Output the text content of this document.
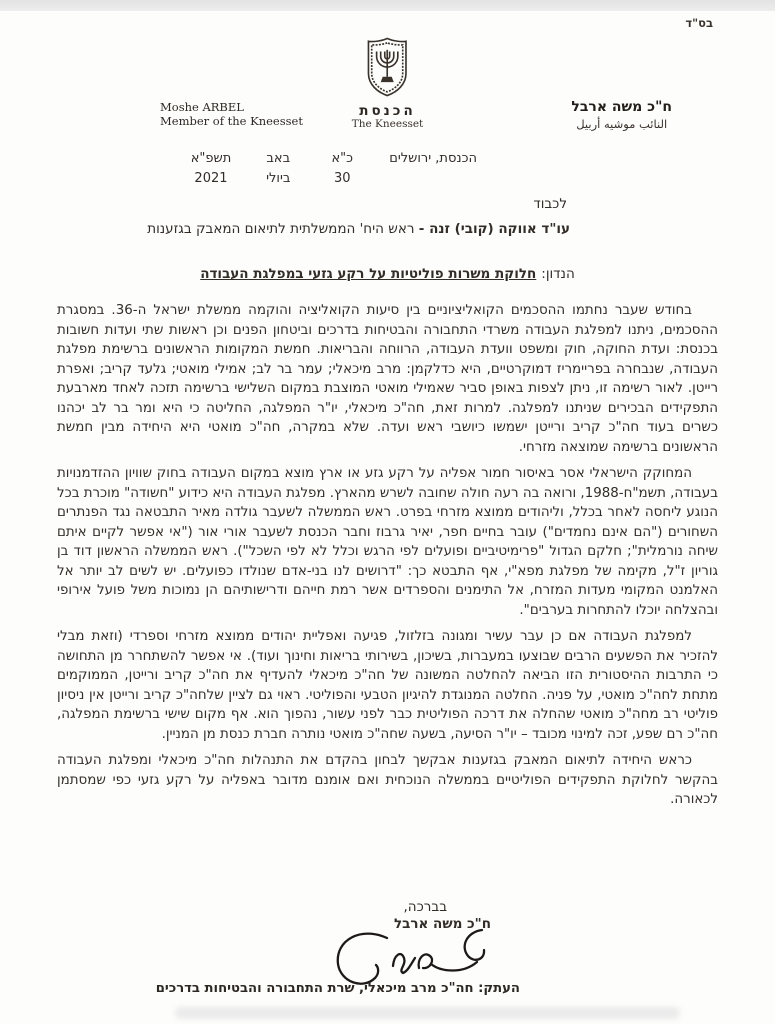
בס"ד
הכנסת
The Kneesset
ח"כ משה ארבל
النائب موشيه أربيل
Moshe ARBEL
Member of the Kneesset
הכנסת, ירושלים
כ"א
באב
תשפ"א
30
ביולי
2021
לכבוד
עו"ד אווקה (קובי) זנה - ראש היח' הממשלתית לתיאום המאבק בגזענות
הנדון:חלוקת משרות פוליטיות על רקע גזעי במפלגת העבודה

בחודש שעבר נחתמו ההסכמים הקואליציוניים בין סיעות הקואליציה והוקמה ממשלת ישראל ה-36. במסגרת ההסכמים, ניתנו למפלגת העבודה משרדי התחבורה והבטיחות בדרכים וביטחון הפנים וכן ראשות שתי ועדות חשובות בכנסת: ועדת החוקה, חוק ומשפט וועדת העבודה, הרווחה והבריאות. חמשת המקומות הראשונים ברשימת מפלגת העבודה, שנבחרה בפריימריז דמוקרטיים, היא כדלקמן: מרב מיכאלי; עמר בר לב; אמילי מואטי; גלעד קריב; ואפרת רייטן. לאור רשימה זו, ניתן לצפות באופן סביר שאמילי מואטי המוצבת במקום השלישי ברשימה תזכה לאחד מארבעת התפקידים הבכירים שניתנו למפלגה. למרות זאת, חה"כ מיכאלי, יו"ר המפלגה, החליטה כי היא ומר בר לב יכהנו כשרים בעוד חה"כ קריב ורייטן ישמשו כיושבי ראש ועדה. שלא במקרה, חה"כ מואטי היא היחידה מבין חמשת הראשונים ברשימה שמוצאה מזרחי.

המחוקק הישראלי אסר באיסור חמור אפליה על רקע גזע או ארץ מוצא במקום העבודה בחוק שוויון ההזדמנויות בעבודה, תשמ"ח-1988, ורואה בה רעה חולה שחובה לשרש מהארץ. מפלגת העבודה היא כידוע "חשודה" מוכרת בכל הנוגע ליחסה לאחר בכלל, וליהודים ממוצא מזרחי בפרט. ראש הממשלה לשעבר גולדה מאיר התבטאה נגד הפנתרים השחורים ("הם אינם נחמדים") עובר בחיים חפר, יאיר גרבוז וחבר הכנסת לשעבר אורי אור ("אי אפשר לקיים איתם שיחה נורמלית"; חלקם הגדול "פרימיטיביים ופועלים לפי הרגש וכלל לא לפי השכל"). ראש הממשלה הראשון דוד בן גוריון ז"ל, מקימה של מפלגת מפא"י, אף התבטא כך: "דרושים לנו בני-אדם שנולדו כפועלים. יש לשים לב יותר אל האלמנט המקומי מעדות המזרח, אל התימנים והספרדים אשר רמת חייהם ודרישותיהם הן נמוכות משל פועל אירופי ובהצלחה יוכלו להתחרות בערבים".

למפלגת העבודה אם כן עבר עשיר ומגונה בזלזול, פגיעה ואפליית יהודים ממוצא מזרחי וספרדי (וזאת מבלי להזכיר את הפשעים הרבים שבוצעו במעברות, בשיכון, בשירותי בריאות וחינוך ועוד). אי אפשר להשתחרר מן התחושה כי התרבות ההיסטורית הזו הביאה להחלטה המשונה של חה"כ מיכאלי להעדיף את חה"כ קריב ורייטן, הממוקמים מתחת לחה"כ מואטי, על פניה. החלטה המנוגדת להיגיון הטבעי והפוליטי. ראוי גם לציין שלחה"כ קריב ורייטן אין ניסיון פוליטי רב מחה"כ מואטי שהחלה את דרכה הפוליטית כבר לפני עשור, נהפוך הוא. אף מקום שישי ברשימת המפלגה, חה"כ רם שפע, זכה למינוי מכובד – יו"ר הסיעה, בשעה שחה"כ מואטי נותרה חברת כנסת מן המניין.

כראש היחידה לתיאום המאבק בגזענות אבקשך לבחון בהקדם את התנהלות חה"כ מיכאלי ומפלגת העבודה בהקשר לחלוקת התפקידים הפוליטיים בממשלה הנוכחית ואם אומנם מדובר באפליה על רקע גזעי כפי שמסתמן לכאורה.

בברכה,
ח"כ משה ארבל
העתק: חה"כ מרב מיכאלי, שרת התחבורה והבטיחות בדרכים
